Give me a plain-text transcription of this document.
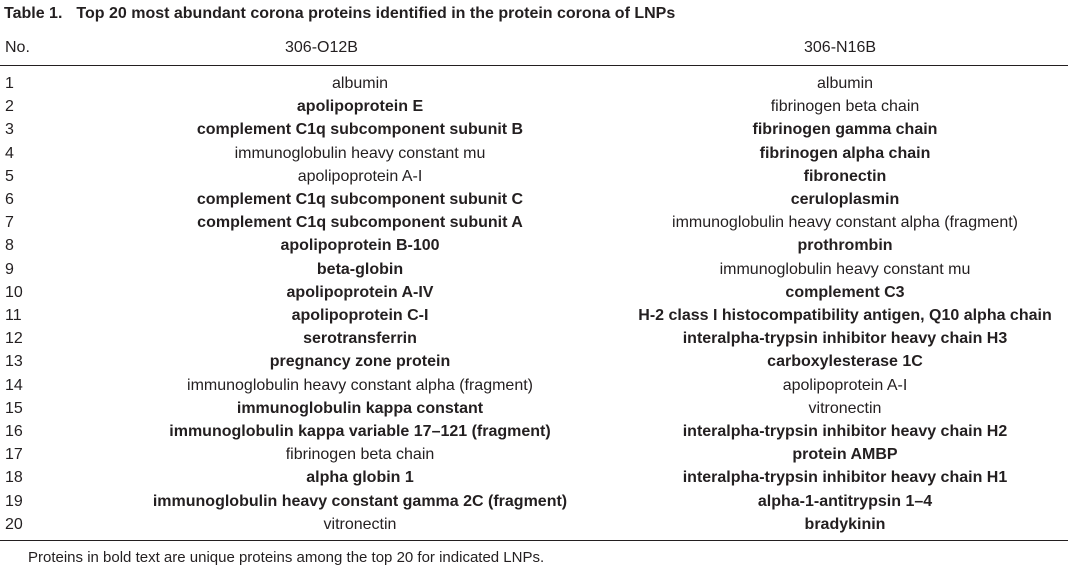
Table 1. Top 20 most abundant corona proteins identified in the protein corona of LNPs
No.	306-O12B	306-N16B
1	albumin	albumin
2	apolipoprotein E	fibrinogen beta chain
3	complement C1q subcomponent subunit B	fibrinogen gamma chain
4	immunoglobulin heavy constant mu	fibrinogen alpha chain
5	apolipoprotein A-I	fibronectin
6	complement C1q subcomponent subunit C	ceruloplasmin
7	complement C1q subcomponent subunit A	immunoglobulin heavy constant alpha (fragment)
8	apolipoprotein B-100	prothrombin
9	beta-globin	immunoglobulin heavy constant mu
10	apolipoprotein A-IV	complement C3
11	apolipoprotein C-I	H-2 class I histocompatibility antigen, Q10 alpha chain
12	serotransferrin	interalpha-trypsin inhibitor heavy chain H3
13	pregnancy zone protein	carboxylesterase 1C
14	immunoglobulin heavy constant alpha (fragment)	apolipoprotein A-I
15	immunoglobulin kappa constant	vitronectin
16	immunoglobulin kappa variable 17–121 (fragment)	interalpha-trypsin inhibitor heavy chain H2
17	fibrinogen beta chain	protein AMBP
18	alpha globin 1	interalpha-trypsin inhibitor heavy chain H1
19	immunoglobulin heavy constant gamma 2C (fragment)	alpha-1-antitrypsin 1–4
20	vitronectin	bradykinin
Proteins in bold text are unique proteins among the top 20 for indicated LNPs.
